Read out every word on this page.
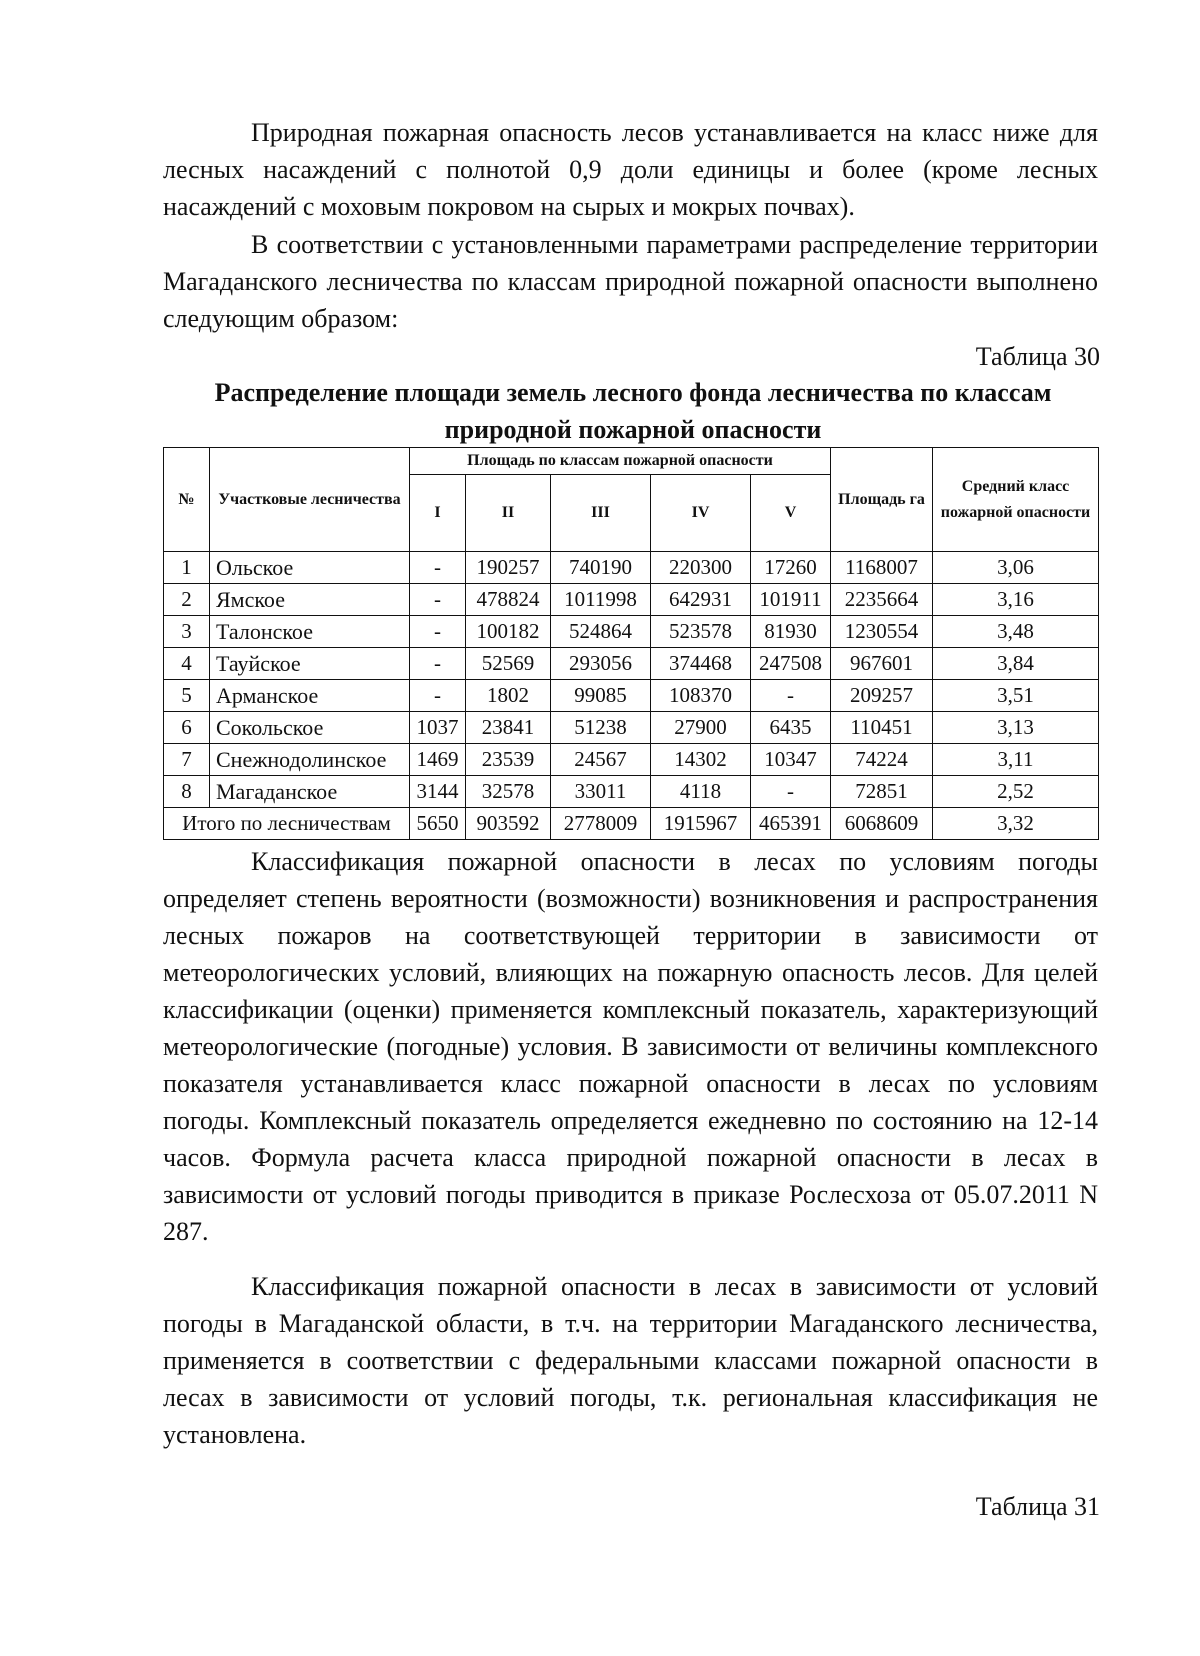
Природная пожарная опасность лесов устанавливается на класс ниже для лесных насаждений с полнотой 0,9 доли единицы и более (кроме лесных насаждений с моховым покровом на сырых и мокрых почвах).

В соответствии с установленными параметрами распределение территории Магаданского лесничества по классам природной пожарной опасности выполнено следующим образом:

Таблица 30

Распределение площади земель лесного фонда лесничества по классам природной пожарной опасности

№	Участковые лесничества	Площадь по классам пожарной опасности					Площадь га	Средний класс пожарной опасности
		I	II	III	IV	V		
1	Ольское	-	190257	740190	220300	17260	1168007	3,06
2	Ямское	-	478824	1011998	642931	101911	2235664	3,16
3	Талонское	-	100182	524864	523578	81930	1230554	3,48
4	Тауйское	-	52569	293056	374468	247508	967601	3,84
5	Арманское	-	1802	99085	108370	-	209257	3,51
6	Сокольское	1037	23841	51238	27900	6435	110451	3,13
7	Снежнодолинское	1469	23539	24567	14302	10347	74224	3,11
8	Магаданское	3144	32578	33011	4118	-	72851	2,52
Итого по лесничествам		5650	903592	2778009	1915967	465391	6068609	3,32

Классификация пожарной опасности в лесах по условиям погоды определяет степень вероятности (возможности) возникновения и распространения лесных пожаров на соответствующей территории в зависимости от метеорологических условий, влияющих на пожарную опасность лесов. Для целей классификации (оценки) применяется комплексный показатель, характеризующий метеорологические (погодные) условия. В зависимости от величины комплексного показателя устанавливается класс пожарной опасности в лесах по условиям погоды. Комплексный показатель определяется ежедневно по состоянию на 12-14 часов. Формула расчета класса природной пожарной опасности в лесах в зависимости от условий погоды приводится в приказе Рослесхоза от 05.07.2011 N 287.

Классификация пожарной опасности в лесах в зависимости от условий погоды в Магаданской области, в т.ч. на территории Магаданского лесничества, применяется в соответствии с федеральными классами пожарной опасности в лесах в зависимости от условий погоды, т.к. региональная классификация не установлена.

Таблица 31
